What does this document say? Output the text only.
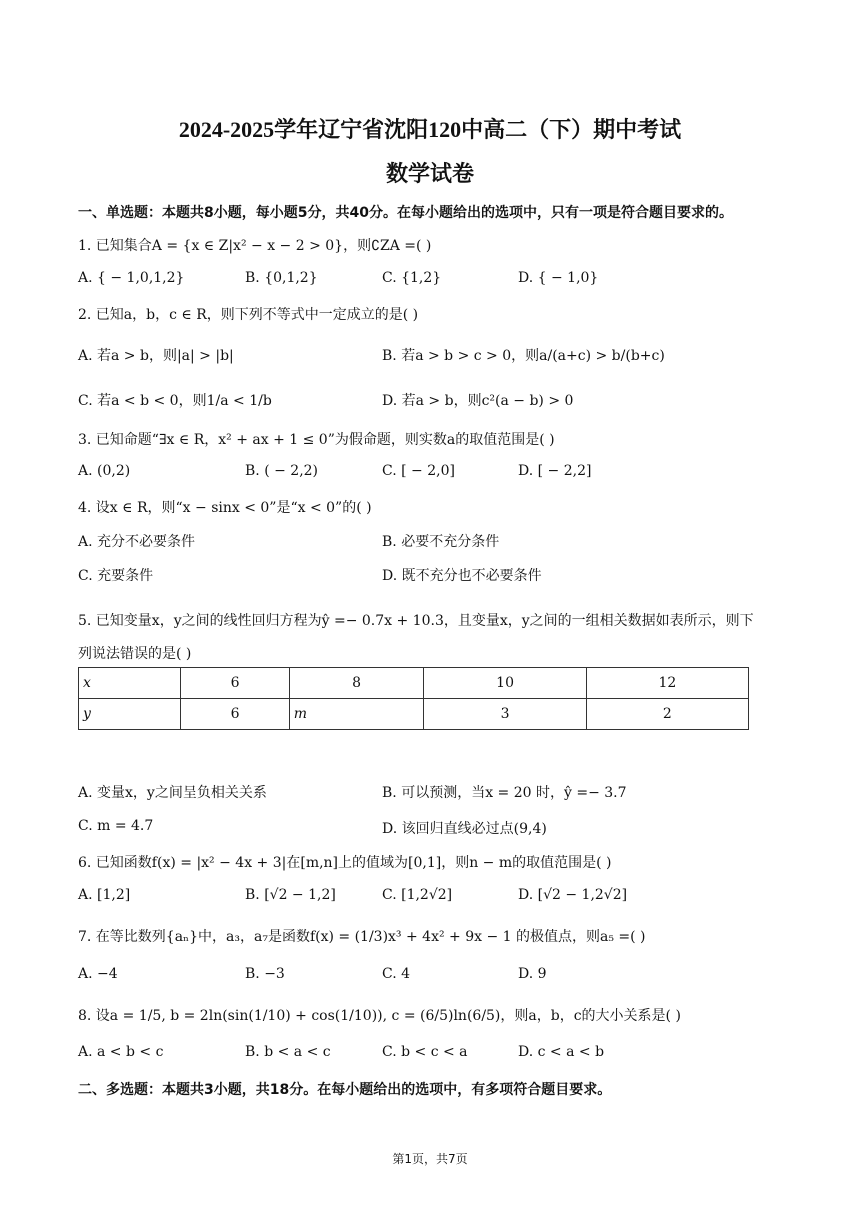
2024-2025学年辽宁省沈阳120中高二（下）期中考试
数学试卷
一、单选题：本题共8小题，每小题5分，共40分。在每小题给出的选项中，只有一项是符合题目要求的。
1. 已知集合A = {x ∈ Z|x² − x − 2 > 0}，则∁ZA =( )
A. { − 1,0,1,2}	B. {0,1,2}	C. {1,2}	D. { − 1,0}
2. 已知a，b，c ∈ R，则下列不等式中一定成立的是( )
A. 若a > b，则|a| > |b|	B. 若a > b > c > 0，则a/(a+c) > b/(b+c)
C. 若a < b < 0，则1/a < 1/b	D. 若a > b，则c²(a − b) > 0
3. 已知命题“∃x ∈ R，x² + ax + 1 ≤ 0”为假命题，则实数a的取值范围是( )
A. (0,2)	B. ( − 2,2)	C. [ − 2,0]	D. [ − 2,2]
4. 设x ∈ R，则“x − sinx < 0”是“x < 0”的( )
A. 充分不必要条件	B. 必要不充分条件
C. 充要条件	D. 既不充分也不必要条件
5. 已知变量x，y之间的线性回归方程为ŷ =− 0.7x + 10.3，且变量x，y之间的一组相关数据如表所示，则下
列说法错误的是( )
x	6	8	10	12
y	6	m	3	2
A. 变量x，y之间呈负相关关系	B. 可以预测，当x = 20 时，ŷ =− 3.7
C. m = 4.7	D. 该回归直线必过点(9,4)
6. 已知函数f(x) = |x² − 4x + 3|在[m,n]上的值域为[0,1]，则n − m的取值范围是( )
A. [1,2]	B. [√2 − 1,2]	C. [1,2√2]	D. [√2 − 1,2√2]
7. 在等比数列{aₙ}中，a₃，a₇是函数f(x) = (1/3)x³ + 4x² + 9x − 1 的极值点，则a₅ =( )
A. −4	B. −3	C. 4	D. 9
8. 设a = 1/5, b = 2ln(sin(1/10) + cos(1/10)), c = (6/5)ln(6/5)，则a，b，c的大小关系是( )
A. a < b < c	B. b < a < c	C. b < c < a	D. c < a < b
二、多选题：本题共3小题，共18分。在每小题给出的选项中，有多项符合题目要求。
第1页，共7页
